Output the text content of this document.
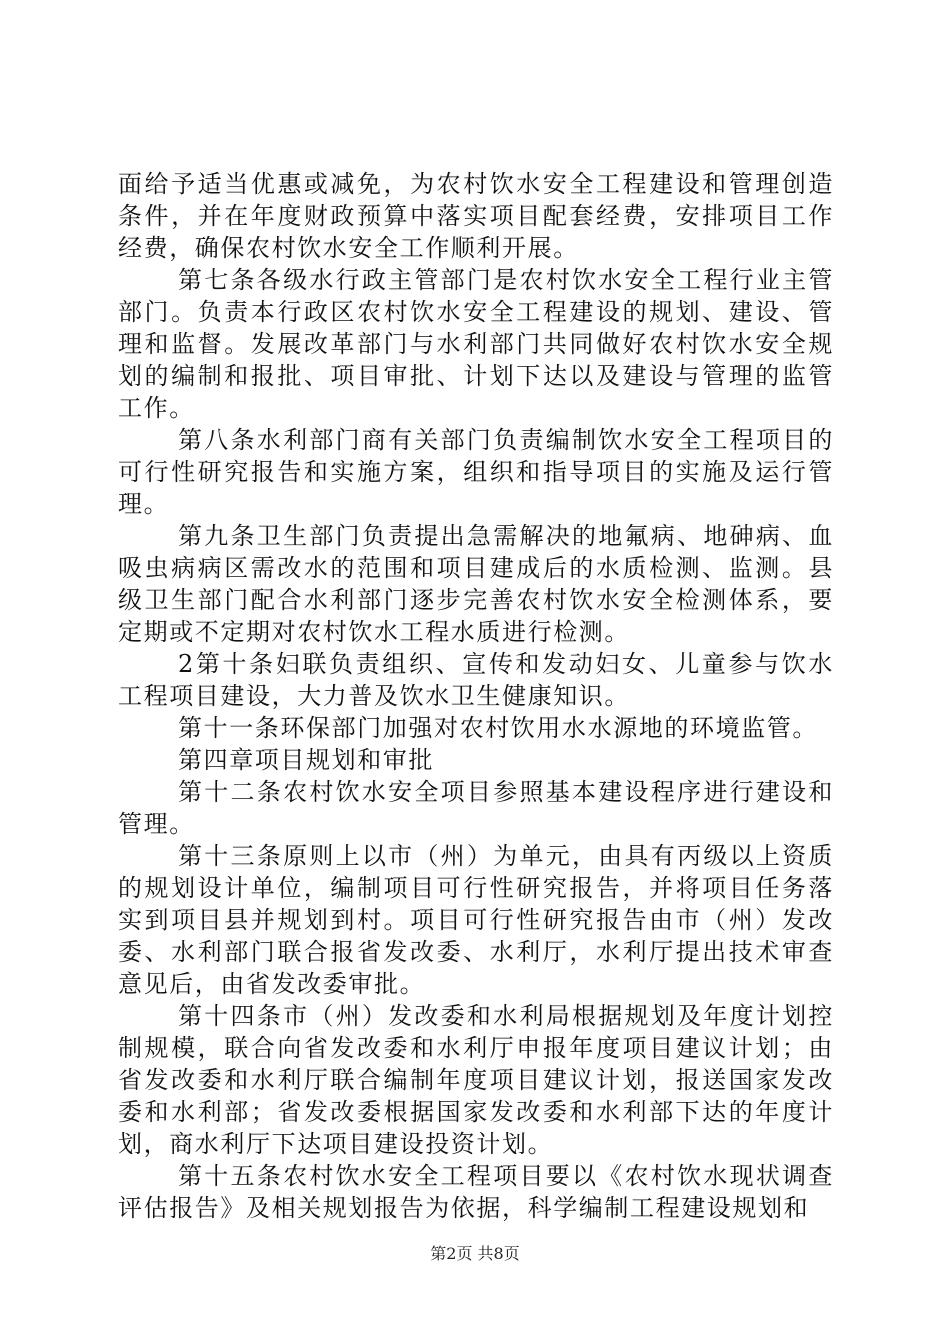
面给予适当优惠或减免，为农村饮水安全工程建设和管理创造条件，并在年度财政预算中落实项目配套经费，安排项目工作经费，确保农村饮水安全工作顺利开展。

第七条各级水行政主管部门是农村饮水安全工程行业主管部门。负责本行政区农村饮水安全工程建设的规划、建设、管理和监督。发展改革部门与水利部门共同做好农村饮水安全规划的编制和报批、项目审批、计划下达以及建设与管理的监管工作。

第八条水利部门商有关部门负责编制饮水安全工程项目的可行性研究报告和实施方案，组织和指导项目的实施及运行管理。

第九条卫生部门负责提出急需解决的地氟病、地砷病、血吸虫病病区需改水的范围和项目建成后的水质检测、监测。县级卫生部门配合水利部门逐步完善农村饮水安全检测体系，要定期或不定期对农村饮水工程水质进行检测。

2第十条妇联负责组织、宣传和发动妇女、儿童参与饮水工程项目建设，大力普及饮水卫生健康知识。

第十一条环保部门加强对农村饮用水水源地的环境监管。

第四章项目规划和审批

第十二条农村饮水安全项目参照基本建设程序进行建设和管理。

第十三条原则上以市（州）为单元，由具有丙级以上资质的规划设计单位，编制项目可行性研究报告，并将项目任务落实到项目县并规划到村。项目可行性研究报告由市（州）发改委、水利部门联合报省发改委、水利厅，水利厅提出技术审查意见后，由省发改委审批。

第十四条市（州）发改委和水利局根据规划及年度计划控制规模，联合向省发改委和水利厅申报年度项目建议计划；由省发改委和水利厅联合编制年度项目建议计划，报送国家发改委和水利部；省发改委根据国家发改委和水利部下达的年度计划，商水利厅下达项目建设投资计划。

第十五条农村饮水安全工程项目要以《农村饮水现状调查评估报告》及相关规划报告为依据，科学编制工程建设规划和

第2页 共8页
